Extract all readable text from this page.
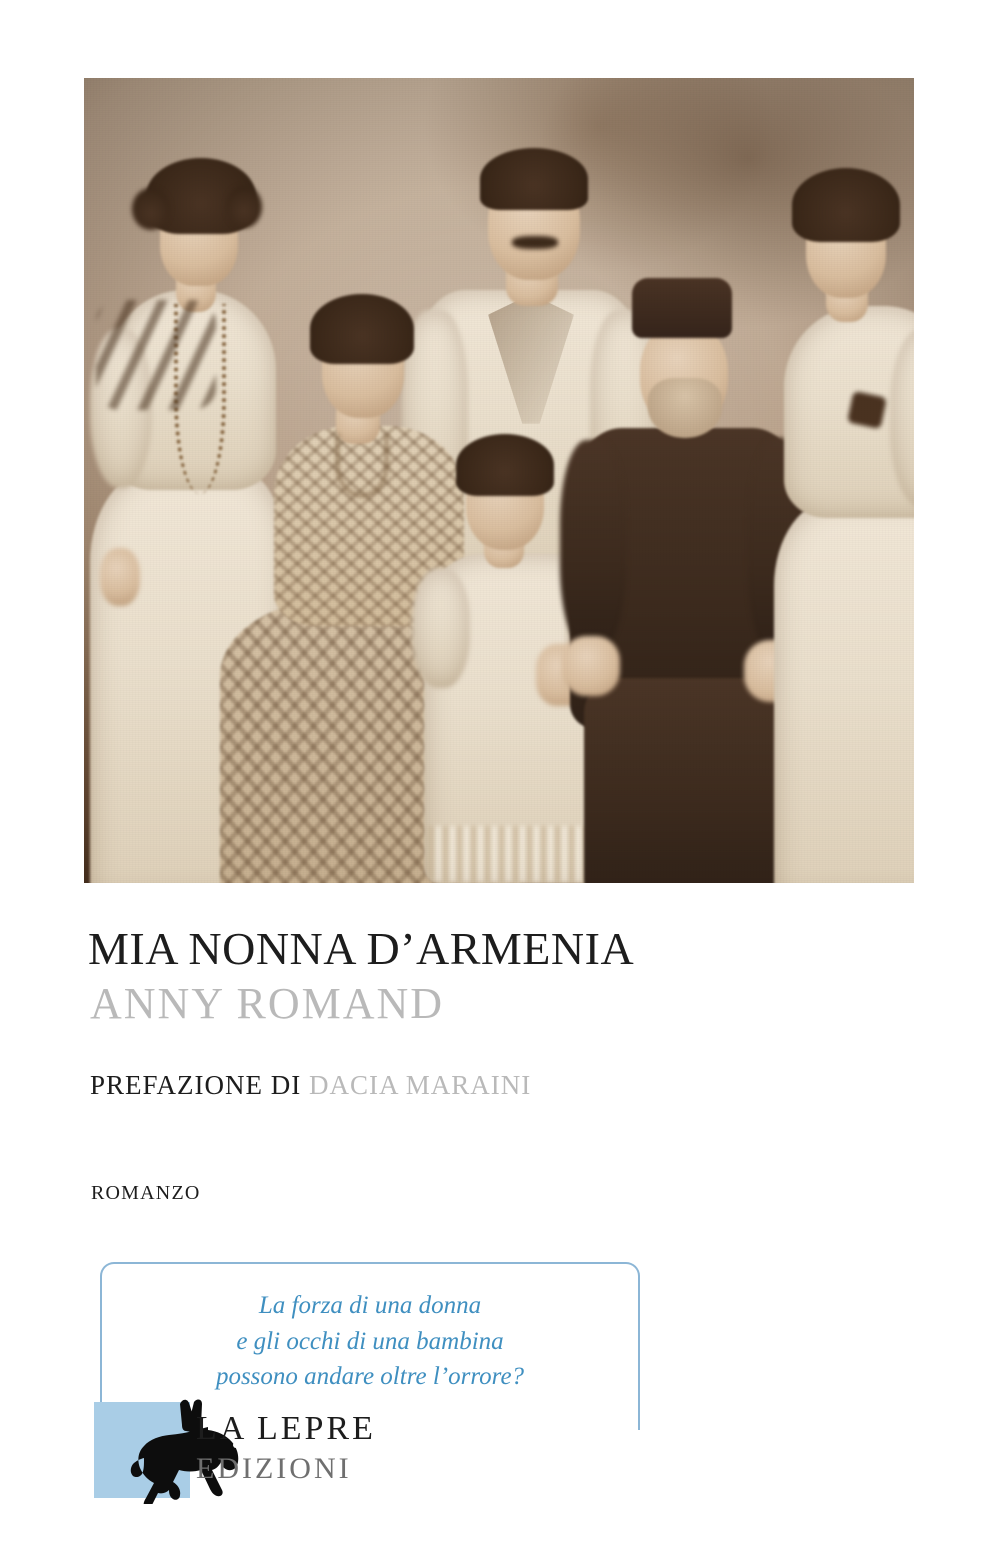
MIA NONNA D’ARMENIA
ANNY ROMAND
PREFAZIONE DI DACIA MARAINI
ROMANZO
La forza di una donna
e gli occhi di una bambina
possono andare oltre l’orrore?
LA LEPRE
EDIZIONI
